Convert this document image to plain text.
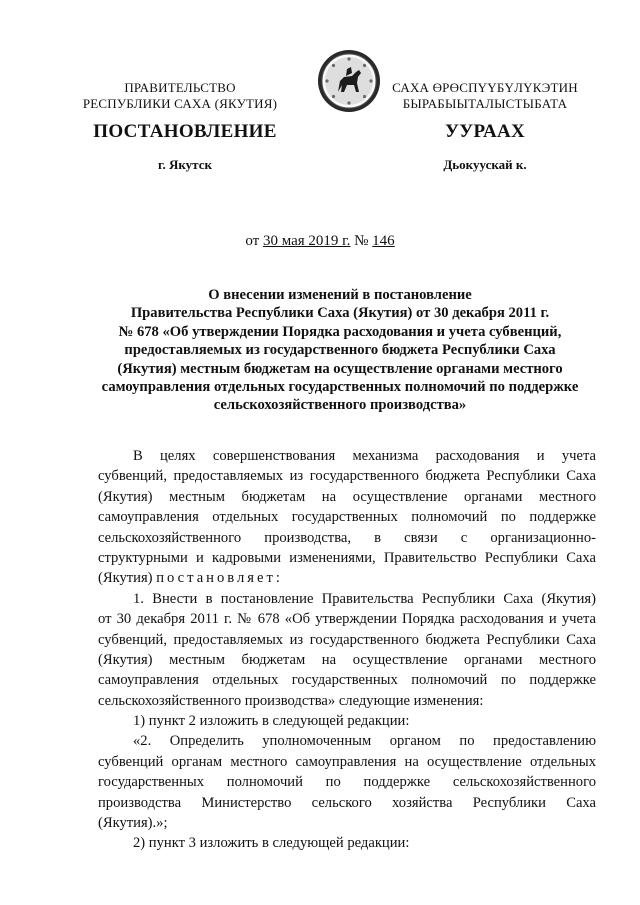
ПРАВИТЕЛЬСТВО
РЕСПУБЛИКИ САХА (ЯКУТИЯ)
САХА ӨРӨСПҮҮБҮЛҮКЭТИН
БЫРАБЫЫТАЛЫСТЫБАТА
ПОСТАНОВЛЕНИЕ	УУРААХ
г. Якутск	Дьокуускай к.
от 30 мая 2019 г. № 146
О внесении изменений в постановление
Правительства Республики Саха (Якутия) от 30 декабря 2011 г.
№ 678 «Об утверждении Порядка расходования и учета субвенций,
предоставляемых из государственного бюджета Республики Саха
(Якутия) местным бюджетам на осуществление органами местного
самоуправления отдельных государственных полномочий по поддержке
сельскохозяйственного производства»
В целях совершенствования механизма расходования и учета
субвенций, предоставляемых из государственного бюджета Республики Саха
(Якутия) местным бюджетам на осуществление органами местного
самоуправления отдельных государственных полномочий по поддержке
сельскохозяйственного производства, в связи с организационно-
структурными и кадровыми изменениями, Правительство Республики Саха
(Якутия) постановляет:
1. Внести в постановление Правительства Республики Саха (Якутия)
от 30 декабря 2011 г. № 678 «Об утверждении Порядка расходования и учета
субвенций, предоставляемых из государственного бюджета Республики Саха
(Якутия) местным бюджетам на осуществление органами местного
самоуправления отдельных государственных полномочий по поддержке
сельскохозяйственного производства» следующие изменения:
1) пункт 2 изложить в следующей редакции:
«2. Определить уполномоченным органом по предоставлению
субвенций органам местного самоуправления на осуществление отдельных
государственных полномочий по поддержке сельскохозяйственного
производства Министерство сельского хозяйства Республики Саха
(Якутия).»;
2) пункт 3 изложить в следующей редакции:
